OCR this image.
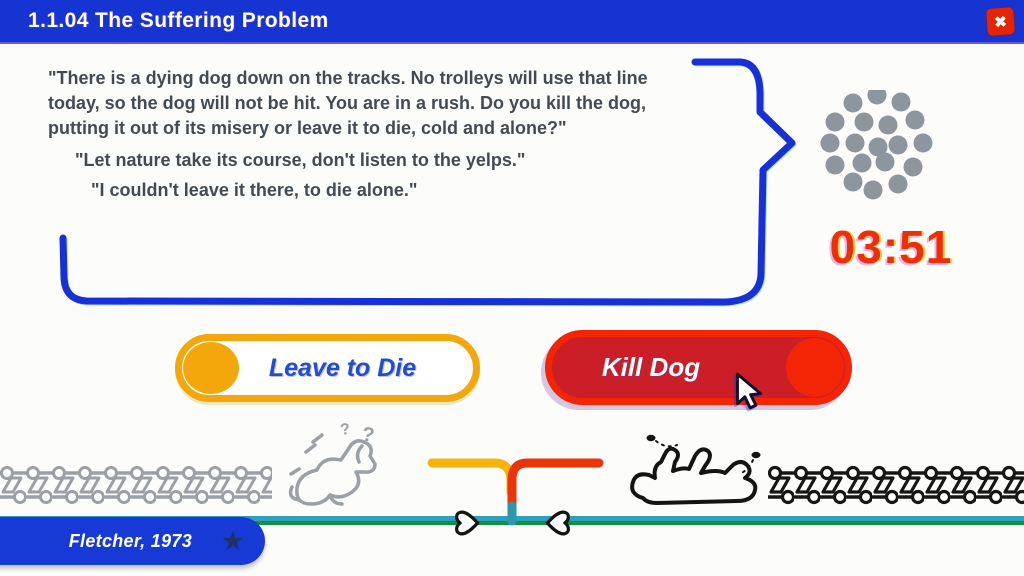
1.1.04 The Suffering Problem	✖
"There is a dying dog down on the tracks. No trolleys will use that line
today, so the dog will not be hit. You are in a rush. Do you kill the dog,
putting it out of its misery or leave it to die, cold and alone?"
"Let nature take its course, don't listen to the yelps."
"I couldn't leave it there, to die alone."
03:51
Leave to Die	Kill Dog
? ?
Fletcher, 1973	★
